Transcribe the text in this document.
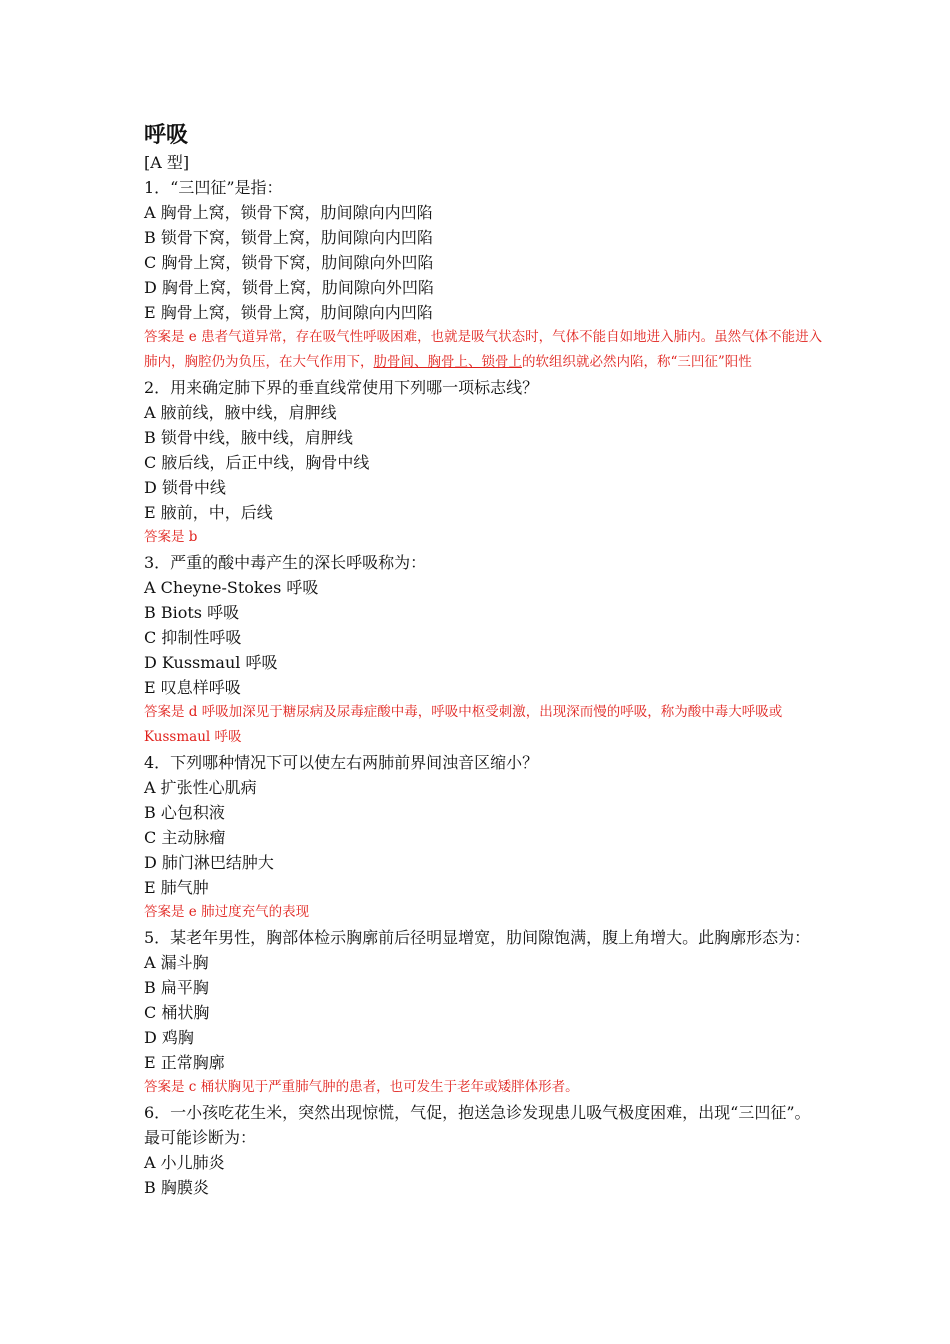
呼吸
[A 型]
1．“三凹征”是指：
A 胸骨上窝，锁骨下窝，肋间隙向内凹陷
B 锁骨下窝，锁骨上窝，肋间隙向内凹陷
C 胸骨上窝，锁骨下窝，肋间隙向外凹陷
D 胸骨上窝，锁骨上窝，肋间隙向外凹陷
E 胸骨上窝，锁骨上窝，肋间隙向内凹陷
答案是 e 患者气道异常，存在吸气性呼吸困难，也就是吸气状态时，气体不能自如地进入肺内。虽然气体不能进入肺内，胸腔仍为负压，在大气作用下，肋骨间、胸骨上、锁骨上的软组织就必然内陷，称“三凹征”阳性
2．用来确定肺下界的垂直线常使用下列哪一项标志线？
A 腋前线，腋中线，肩胛线
B 锁骨中线，腋中线，肩胛线
C 腋后线，后正中线，胸骨中线
D 锁骨中线
E 腋前，中，后线
答案是 b
3．严重的酸中毒产生的深长呼吸称为：
A Cheyne-Stokes 呼吸
B Biots 呼吸
C 抑制性呼吸
D Kussmaul 呼吸
E 叹息样呼吸
答案是 d 呼吸加深见于糖尿病及尿毒症酸中毒，呼吸中枢受刺激，出现深而慢的呼吸，称为酸中毒大呼吸或Kussmaul 呼吸
4．下列哪种情况下可以使左右两肺前界间浊音区缩小？
A 扩张性心肌病
B 心包积液
C 主动脉瘤
D 肺门淋巴结肿大
E 肺气肿
答案是 e 肺过度充气的表现
5．某老年男性，胸部体检示胸廓前后径明显增宽，肋间隙饱满，腹上角增大。此胸廓形态为：
A 漏斗胸
B 扁平胸
C 桶状胸
D 鸡胸
E 正常胸廓
答案是 c 桶状胸见于严重肺气肿的患者，也可发生于老年或矮胖体形者。
6．一小孩吃花生米，突然出现惊慌，气促，抱送急诊发现患儿吸气极度困难，出现“三凹征”。最可能诊断为：
A 小儿肺炎
B 胸膜炎
